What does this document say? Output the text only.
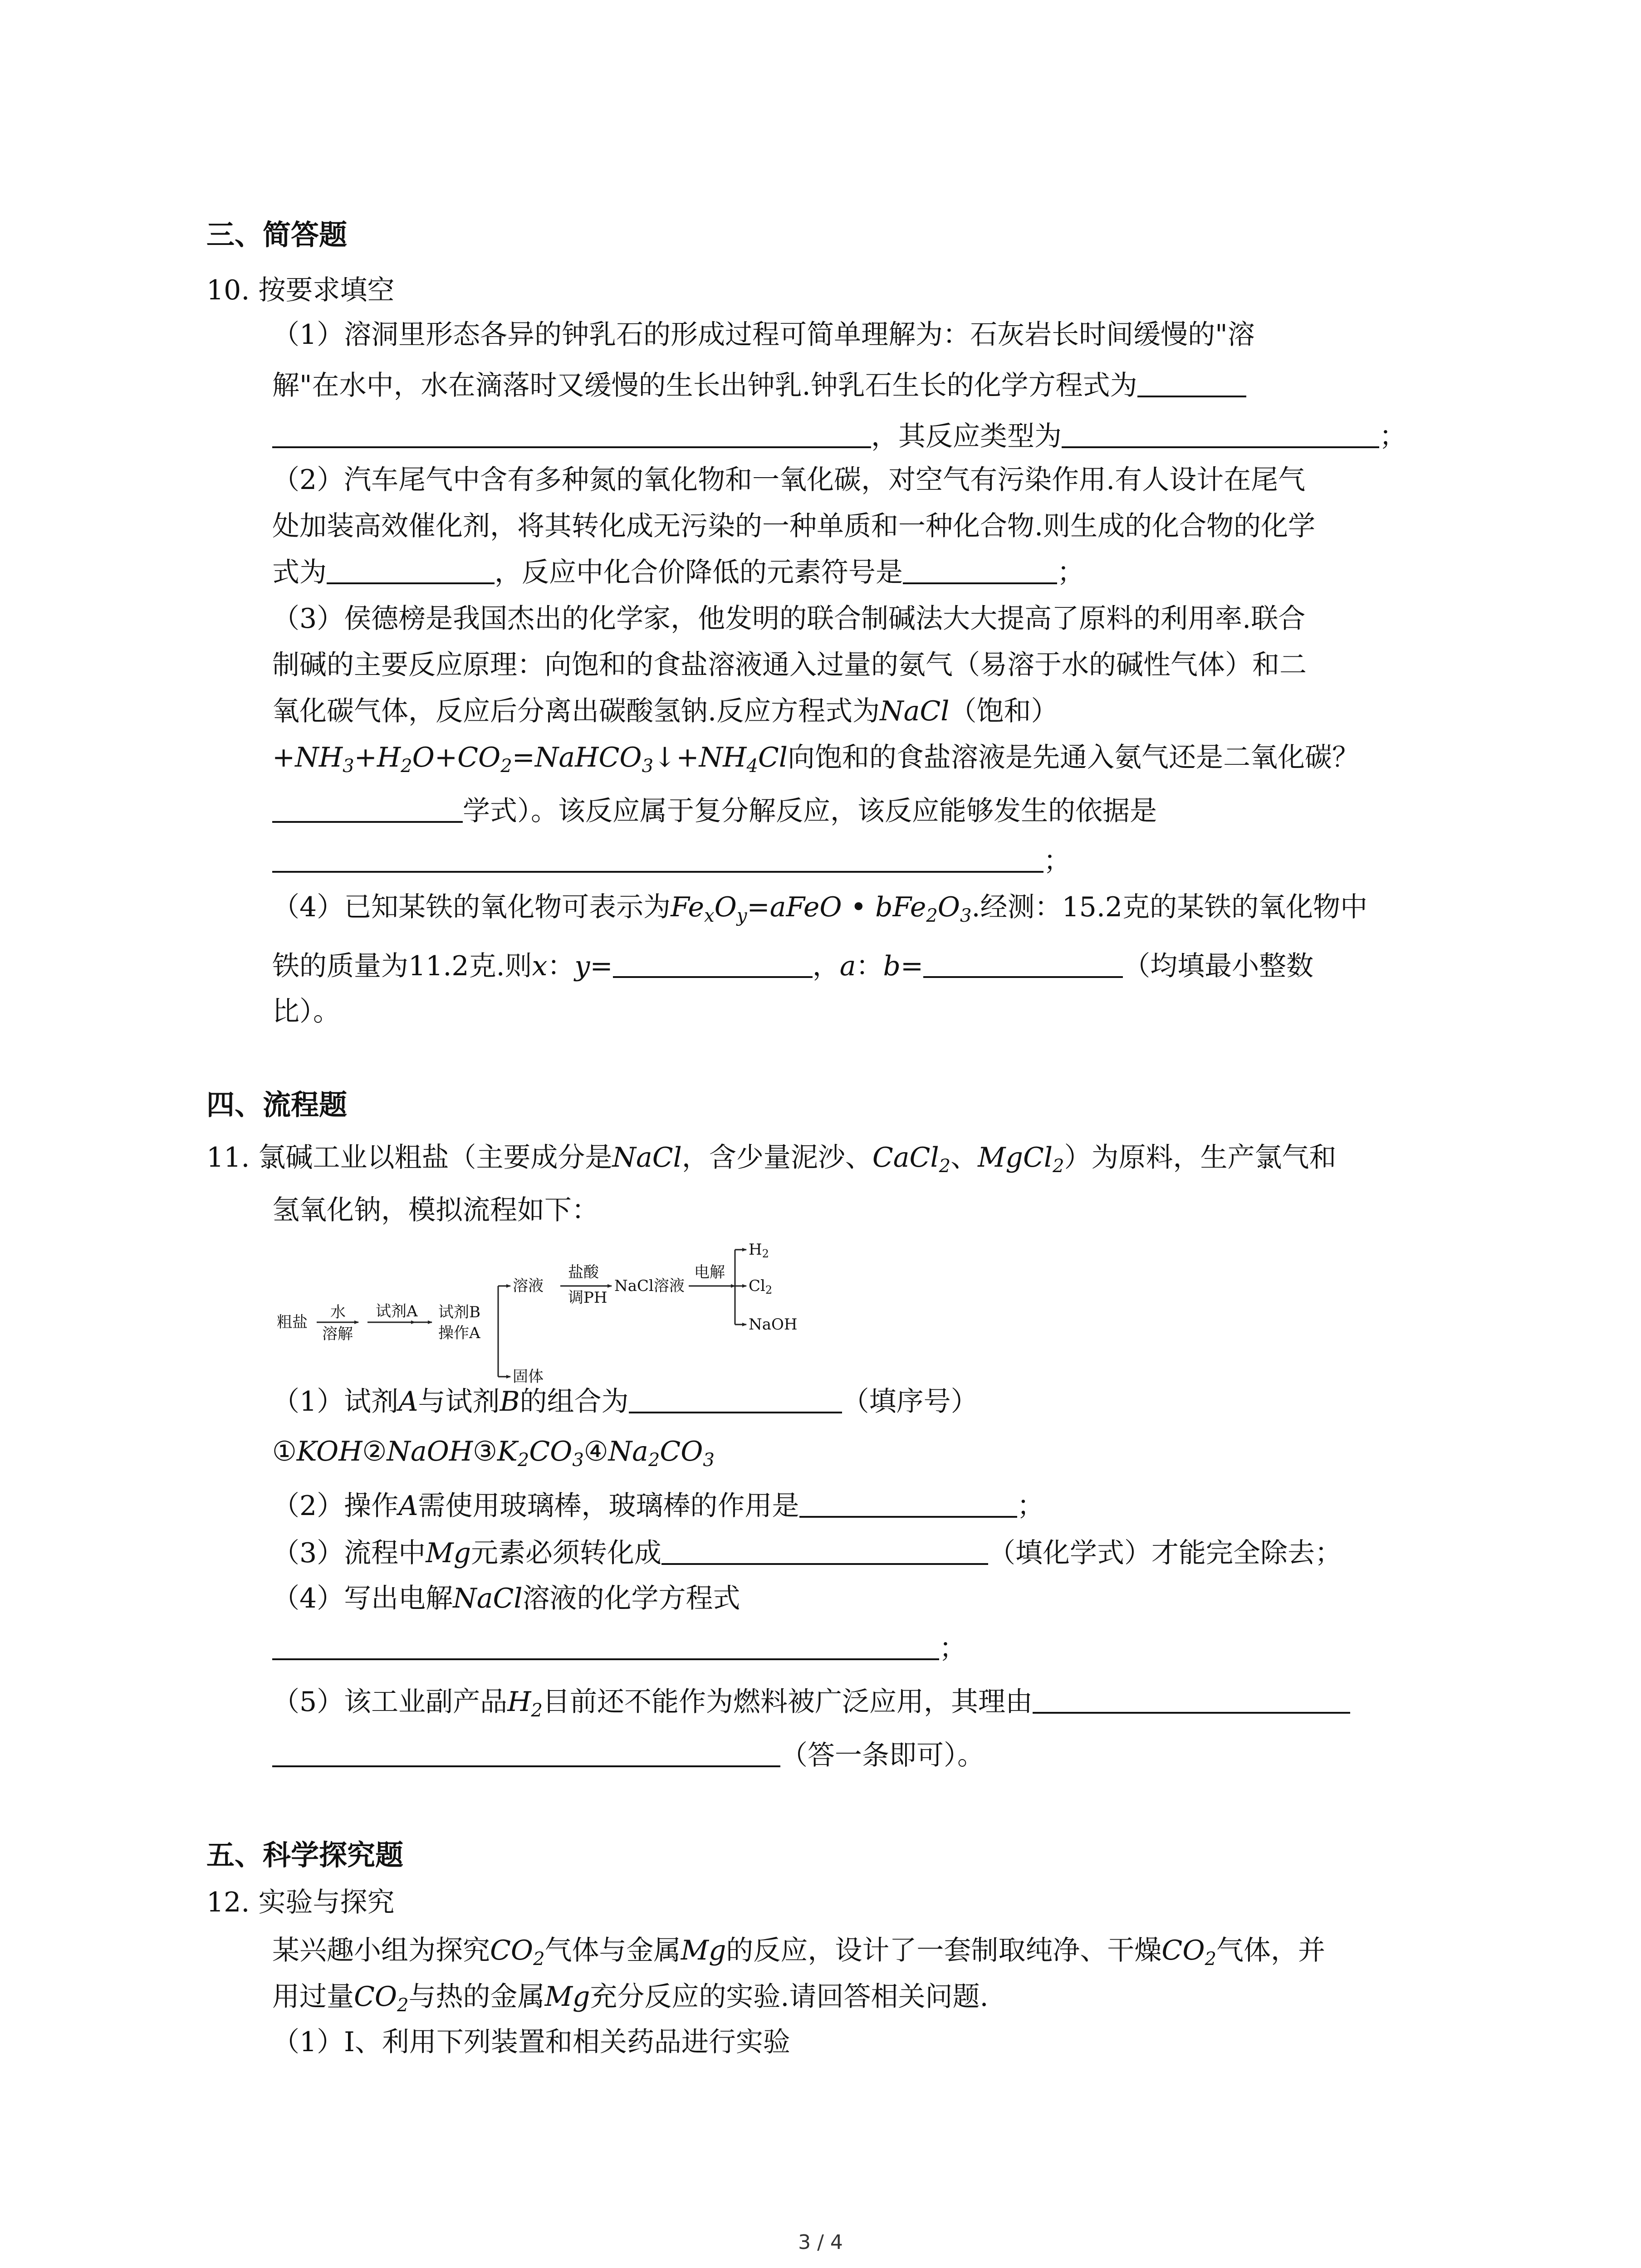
三、简答题
10. 按要求填空
（1）溶洞里形态各异的钟乳石的形成过程可简单理解为：石灰岩长时间缓慢的"溶
解"在水中，水在滴落时又缓慢的生长出钟乳.钟乳石生长的化学方程式为
，其反应类型为	；
（2）汽车尾气中含有多种氮的氧化物和一氧化碳，对空气有污染作用.有人设计在尾气
处加装高效催化剂，将其转化成无污染的一种单质和一种化合物.则生成的化合物的化学
式为	，反应中化合价降低的元素符号是	；
（3）侯德榜是我国杰出的化学家，他发明的联合制碱法大大提高了原料的利用率.联合
制碱的主要反应原理：向饱和的食盐溶液通入过量的氨气（易溶于水的碱性气体）和二
氧化碳气体，反应后分离出碳酸氢钠.反应方程式为NaCl（饱和）
$+NH_3+H_2O+CO_2=NaHCO_3↓+NH_4Cl$向饱和的食盐溶液是先通入氨气还是二氧化碳？
学式）。该反应属于复分解反应，该反应能够发生的依据是
；
（4）已知某铁的氧化物可表示为$Fe_xO_y=aFeO$ • $bFe_2O_3$.经测：15.2克的某铁的氧化物中
铁的质量为11.2克.则x：y=	，a：b=	（均填最小整数
比）。
四、流程题
11. 氯碱工业以粗盐（主要成分是NaCl，含少量泥沙、CaCl$_2$、MgCl$_2$）为原料，生产氯气和
氢氧化钠，模拟流程如下：
粗盐
水
溶解
试剂A 试剂B
操作A
溶液
盐酸
调PH
NaCl溶液
电解
$H_2$
$Cl_2$
NaOH
固体
（1）试剂A与试剂B的组合为	（填序号）
$①KOH②NaOH③K_2CO_3④Na_2CO_3$
（2）操作A需使用玻璃棒，玻璃棒的作用是	；
（3）流程中Mg元素必须转化成	（填化学式）才能完全除去；
（4）写出电解NaCl溶液的化学方程式
；
（5）该工业副产品$H_2$目前还不能作为燃料被广泛应用，其理由
（答一条即可）。
五、科学探究题
12. 实验与探究
某兴趣小组为探究$CO_2$气体与金属Mg的反应，设计了一套制取纯净、干燥$CO_2$气体，并
用过量$CO_2$与热的金属Mg充分反应的实验.请回答相关问题.
（1）Ⅰ、利用下列装置和相关药品进行实验
3 / 4
